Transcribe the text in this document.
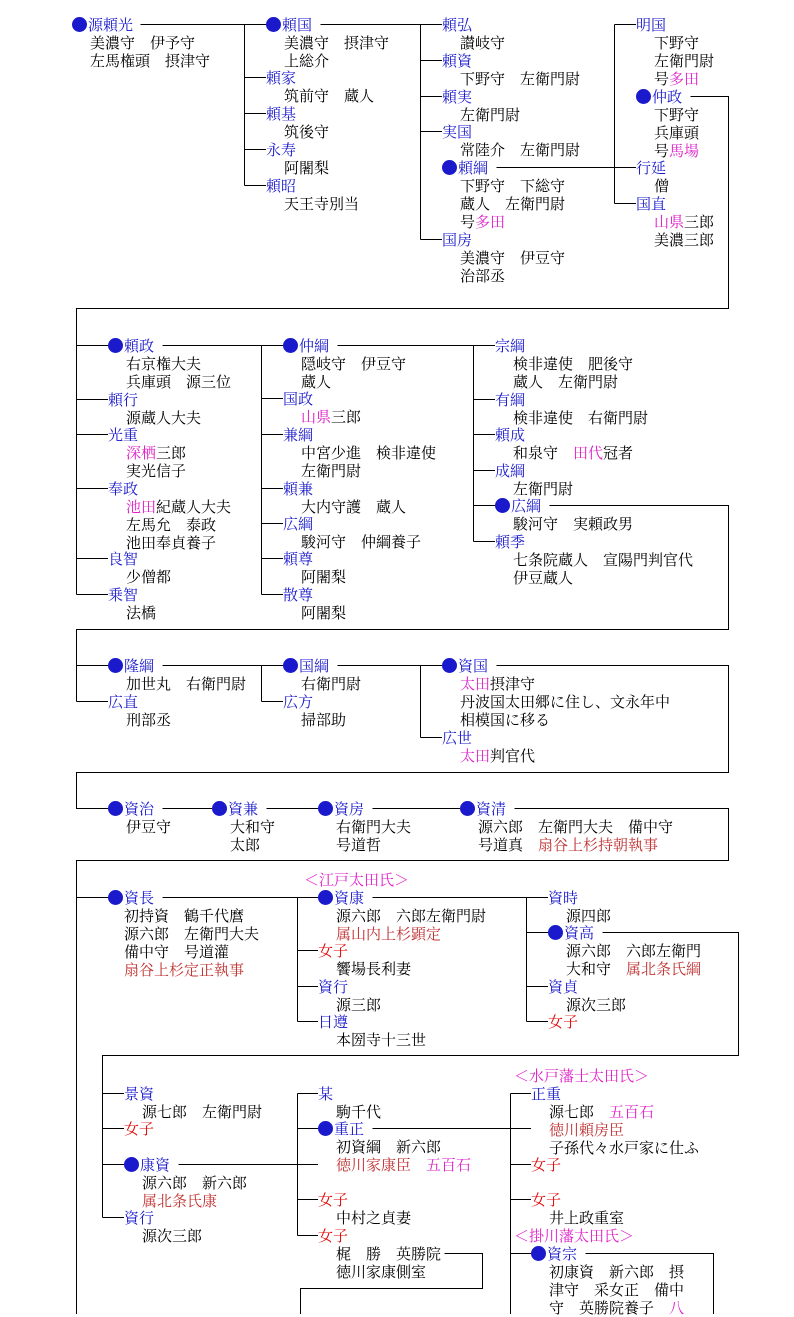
源頼光
美濃守　伊予守
左馬権頭　摂津守
頼国
美濃守　摂津守
上総介
頼家
筑前守　蔵人
頼基
筑後守
永寿
阿闍梨
頼昭
天王寺別当
頼弘
讃岐守
頼資
下野守　左衛門尉
頼実
左衛門尉
実国
常陸介　左衛門尉
頼綱
下野守　下総守
蔵人　左衛門尉
号多田
国房
美濃守　伊豆守
治部丞
明国
下野守
左衛門尉
号多田
仲政
下野守
兵庫頭
号馬場
行延
僧
国直
山県三郎
美濃三郎
頼政
右京権大夫
兵庫頭　源三位
頼行
源蔵人大夫
光重
深栖三郎
実光信子
奉政
池田紀蔵人大夫
左馬允　泰政
池田奉貞養子
良智
少僧都
乗智
法橋
仲綱
隠岐守　伊豆守
蔵人
国政
山県三郎
兼綱
中宮少進　検非違使
左衛門尉
頼兼
大内守護　蔵人
広綱
駿河守　仲綱養子
頼尊
阿闍梨
散尊
阿闍梨
宗綱
検非違使　肥後守
蔵人　左衛門尉
有綱
検非違使　右衛門尉
頼成
和泉守　田代冠者
成綱
左衛門尉
広綱
駿河守　実頼政男
頼季
七条院蔵人　宣陽門判官代
伊豆蔵人
隆綱
加世丸　右衛門尉
広直
刑部丞
国綱
右衛門尉
広方
掃部助
資国
太田摂津守
丹波国太田郷に住し、文永年中
相模国に移る
広世
太田判官代
資治
伊豆守
資兼
大和守
太郎
資房
右衛門大夫
号道哲
資清
源六郎　左衛門大夫　備中守
号道真　扇谷上杉持朝執事
＜江戸太田氏＞
資長
初持資　鶴千代麿
源六郎　左衛門大夫
備中守　号道灌
扇谷上杉定正執事
資康
源六郎　六郎左衛門尉
属山内上杉顕定
女子
饗場長利妻
資行
源三郎
日遵
本圀寺十三世
資時
源四郎
資高
源六郎　六郎左衛門
大和守　属北条氏綱
資貞
源次三郎
女子
＜水戸藩士太田氏＞
＜掛川藩太田氏＞
景資
源七郎　左衛門尉
女子
康資
源六郎　新六郎
属北条氏康
資行
源次三郎
某
駒千代
重正
初資綱　新六郎
徳川家康臣　 五百石
女子
中村之貞妻
女子
梶　勝　英勝院
徳川家康側室
正重
源七郎　五百石
徳川頼房臣
子孫代々水戸家に仕ふ
女子
女子
井上政重室
資宗
初康資　新六郎　摂
津守　采女正　備中
守　英勝院養子　八
